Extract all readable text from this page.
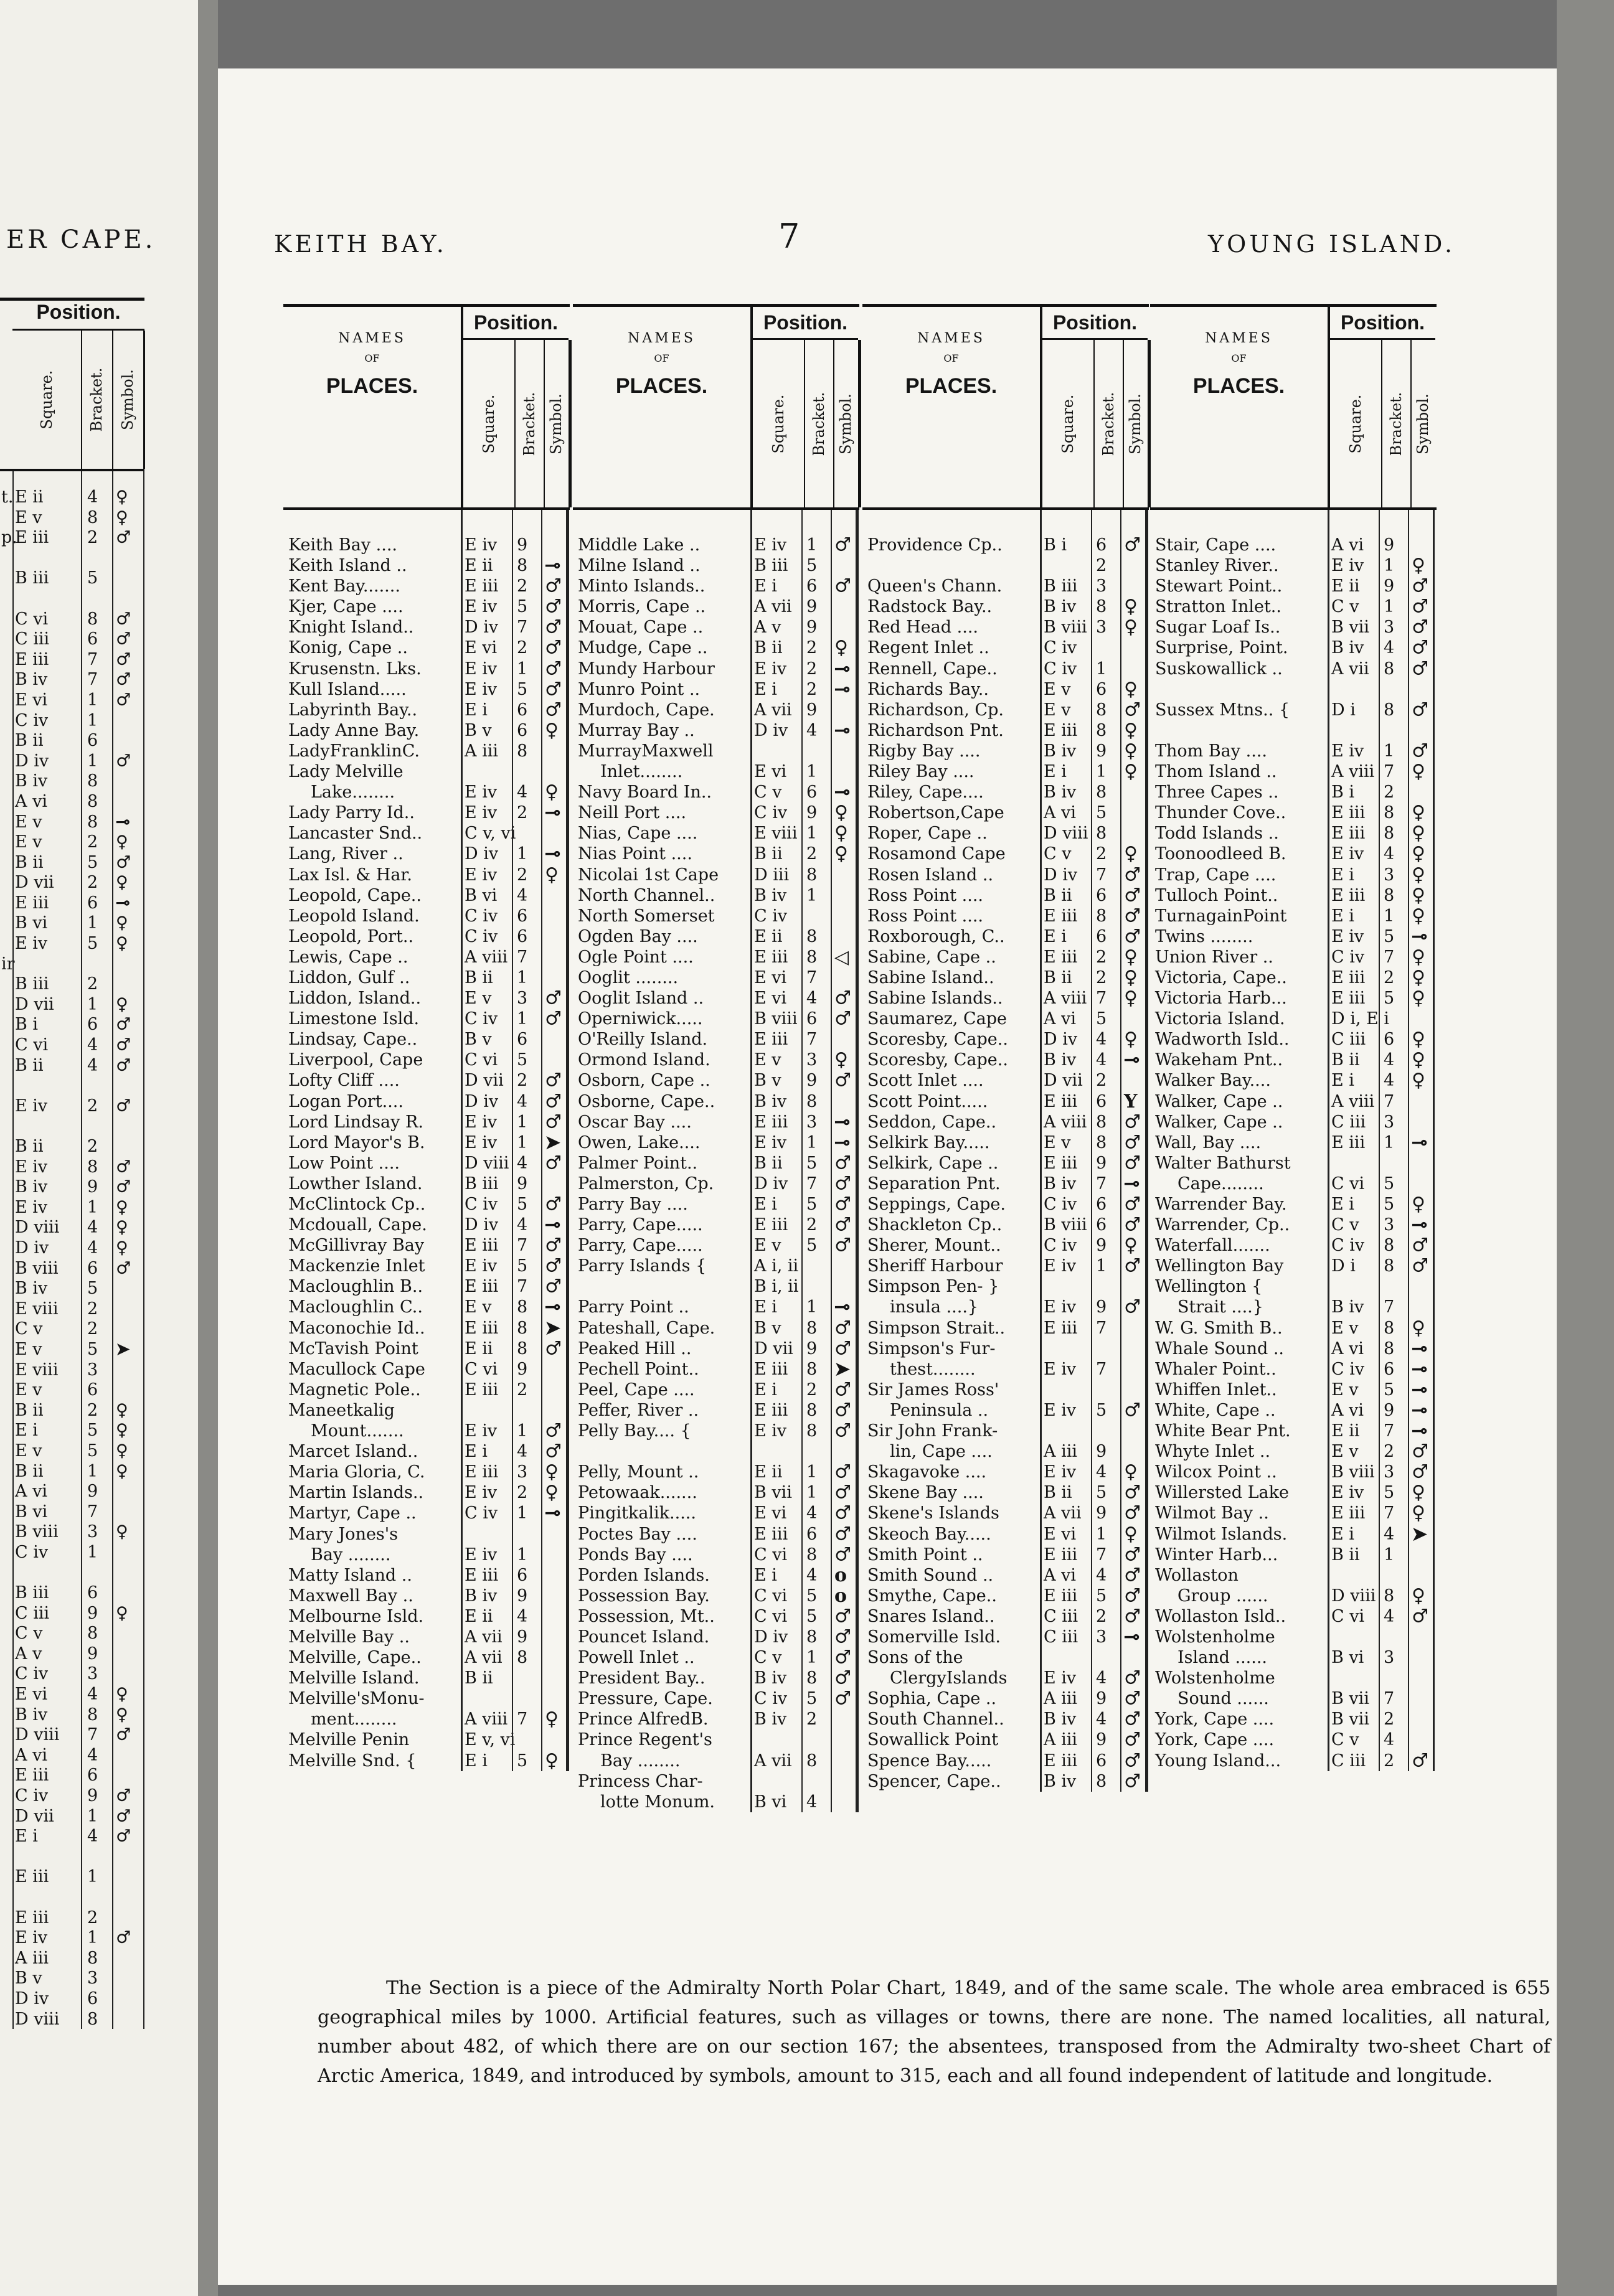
ER CAPE.
Position.
Square. Bracket. Symbol.
t. E ii	4	♀
E v	8	♀
p.
E iii	2	♂
B iii	5
C vi	8	♂
C iii	6	♂
E iii	7	♂
B iv	7	♂
E vi	1	♂
C iv	1
B ii	6
D iv	1	♂
B iv	8
A vi	8
E v	8	⊸
E v	2	♀
B ii	5	♂
D vii	2	♀
E iii	6	⊸
B vi	1	♀
E iv	5	♀
ir
B iii	2
D vii	1	♀
B i	6	♂
C vi	4	♂
B ii	4	♂
E iv	2	♂
B ii	2
E iv	8	♂
B iv	9	♂
E iv	1	♀
D viii	4	♀
D iv	4	♀
B viii	6	♂
B iv	5
E viii	2
C v	2
E v	5	➤
E viii	3
E v	6
B ii	2	♀
E i	5	♀
E v	5	♀
B ii	1	♀
A vi	9
B vi	7
B viii	3	♀
C iv	1
B iii	6
C iii	9	♀
C v	8
A v	9
C iv	3
E vi	4	♀
B iv	8	♀
D viii	7	♂
A vi	4
E iii	6
C iv	9	♂
D vii	1	♂
E i	4	♂
E iii	1
E iii	2
E iv	1	♂
A iii	8
B v	3
D iv	6
D viii	8
KEITH BAY.	7	YOUNG ISLAND.
NAMES
OF
PLACES.
Position.
Square. Bracket. Symbol.
Keith Bay ....	E iv	9
Keith Island ..	E ii	8 ⊸
Kent Bay.......	E iii	2 ♂
Kjer, Cape ....	E iv	5 ♂
Knight Island..	D iv	7 ♂
Konig, Cape ..	E vi	2 ♂
Krusenstn. Lks.	E iv	1 ♂
Kull Island.....	E iv	5 ♂
Labyrinth Bay..	E i	6 ♂
Lady Anne Bay.	B v	6 ♀
LadyFranklinC.	A iii	8
Lady Melville
Lake........	E iv	4 ♀
Lady Parry Id..	E iv	2 ⊸
Lancaster Snd..	C v, vi
Lang, River ..	D iv	1 ⊸
Lax Isl. & Har.	E iv	2 ♀
Leopold, Cape..	B vi	4
Leopold Island.	C iv	6
Leopold, Port..	C iv	6
Lewis, Cape ..	A viii 7
Liddon, Gulf ..	B ii	1
Liddon, Island..	E v	3 ♂
Limestone Isld.	C iv	1 ♂
Lindsay, Cape..	B v	6
Liverpool, Cape	C vi	5
Lofty Cliff ....	D vii 2 ♂
Logan Port....	D iv	4 ♂
Lord Lindsay R.	E iv	1 ♂
Lord Mayor's B.	E iv	1 ➤
Low Point ....	D viii 4 ♂
Lowther Island.	B iii	9
McClintock Cp..	C iv	5 ♂
Mcdouall, Cape.	D iv	4 ⊸
McGillivray Bay	E iii	7 ♂
Mackenzie Inlet	E iv	5 ♂
Macloughlin B..	E iii	7 ♂
Macloughlin C..	E v	8 ⊸
Maconochie Id..	E iii	8 ➤
McTavish Point	E ii	8 ♂
Macullock Cape	C vi	9
Magnetic Pole..	E iii	2
Maneetkalig
Mount.......	E iv	1 ♂
Marcet Island..	E i	4 ♂
Maria Gloria, C.	E iii	3 ♀
Martin Islands..	E iv	2 ♀
Martyr, Cape ..	C iv	1 ⊸
Mary Jones's
Bay ........	E iv	1
Matty Island ..	E iii	6
Maxwell Bay ..	B iv	9
Melbourne Isld.	E ii	4
Melville Bay ..	A vii 9
Melville, Cape..	A vii 8
Melville Island.	B ii
Melville'sMonu-
ment........	A viii 7 ♀
Melville Penin	E v, vi
Melville Snd. {	E i	5 ♀
NAMES
OF
PLACES.
Position.
Square. Bracket. Symbol.
Middle Lake ..	E iv	1 ♂
Milne Island ..	B iii	5
Minto Islands..	E i	6 ♂
Morris, Cape ..	A vii 9
Mouat, Cape ..	A v	9
Mudge, Cape ..	B ii	2 ♀
Mundy Harbour	E iv	2 ⊸
Munro Point ..	E i	2 ⊸
Murdoch, Cape.	A vii 9
Murray Bay ..	D iv	4 ⊸
MurrayMaxwell
Inlet........	E vi	1
Navy Board In..	C v	6 ⊸
Neill Port ....	C iv	9 ♀
Nias, Cape ....	E viii 1 ♀
Nias Point ....	B ii	2 ♀
Nicolai 1st Cape	D iii	8
North Channel..	B iv	1
North Somerset	C iv
Ogden Bay ....	E ii	8
Ogle Point ....	E iii	8 ◁
Ooglit ........	E vi	7
Ooglit Island ..	E vi	4 ♂
Operniwick.....	B viii 6 ♂
O'Reilly Island.	E iii	7
Ormond Island.	E v	3 ♀
Osborn, Cape ..	B v	9 ♂
Osborne, Cape..	B iv	8
Oscar Bay ....	E iii	3 ⊸
Owen, Lake....	E iv	1 ⊸
Palmer Point..	B ii	5 ♂
Palmerston, Cp.	D iv	7 ♂
Parry Bay ....	E i	5 ♂
Parry, Cape.....	E iii	2 ♂
Parry, Cape.....	E v	5 ♂
Parry Islands {	A i, ii
B i, ii
Parry Point ..	E i	1 ⊸
Pateshall, Cape.	B v	8 ♂
Peaked Hill ..	D vii 9 ♂
Pechell Point..	E iii	8 ➤
Peel, Cape ....	E i	2 ♂
Peffer, River ..	E iii	8 ♂
Pelly Bay.... {	E iv	8 ♂
Pelly, Mount ..	E ii	1 ♂
Petowaak.......	B vii 1 ♂
Pingitkalik.....	E vi	4 ♂
Poctes Bay ....	E iii	6 ♂
Ponds Bay ....	C vi	8 ♂
Porden Islands.	E i	4 o
Possession Bay.	C vi	5 o
Possession, Mt..	C vi	5 ♂
Pouncet Island.	D iv	8 ♂
Powell Inlet ..	C v	1 ♂
President Bay..	B iv	8 ♂
Pressure, Cape.	C iv	5 ♂
Prince AlfredB.	B iv	2
Prince Regent's
Bay ........	A vii 8
Princess Char-
lotte Monum.	B vi	4
NAMES
OF
PLACES.
Position.
Square. Bracket. Symbol.
Providence Cp..	B i	6 ♂
2
Queen's Chann.	B iii	3
Radstock Bay..	B iv	8 ♀
Red Head ....	B viii 3 ♀
Regent Inlet ..	C iv
Rennell, Cape..	C iv	1
Richards Bay..	E v	6 ♀
Richardson, Cp.	E v	8 ♂
Richardson Pnt.	E iii	8 ♀
Rigby Bay ....	B iv	9 ♀
Riley Bay ....	E i	1 ♀
Riley, Cape....	B iv	8
Robertson,Cape	A vi	5
Roper, Cape ..	D viii 8
Rosamond Cape	C v	2 ♀
Rosen Island ..	D iv	7 ♂
Ross Point ....	B ii	6 ♂
Ross Point ....	E iii	8 ♂
Roxborough, C..	E i	6 ♂
Sabine, Cape ..	E iii	2 ♀
Sabine Island..	B ii	2 ♀
Sabine Islands..	A viii 7 ♀
Saumarez, Cape	A vi	5
Scoresby, Cape..	D iv	4 ♀
Scoresby, Cape..	B iv	4 ⊸
Scott Inlet ....	D vii 2
Scott Point.....	E iii	6 Y
Seddon, Cape..	A viii 8 ♂
Selkirk Bay.....	E v	8 ♂
Selkirk, Cape ..	E iii	9 ♂
Separation Pnt.	B iv	7 ⊸
Seppings, Cape.	C iv	6 ♂
Shackleton Cp..	B viii 6 ♂
Sherer, Mount..	C iv	9 ♀
Sheriff Harbour	E iv	1 ♂
Simpson Pen- }
insula ....}	E iv	9 ♂
Simpson Strait..	E iii	7
Simpson's Fur-
thest........	E iv	7
Sir James Ross'
Peninsula ..	E iv	5 ♂
Sir John Frank-
lin, Cape ....	A iii	9
Skagavoke ....	E iv	4 ♀
Skene Bay ....	B ii	5 ♂
Skene's Islands	A vii 9 ♂
Skeoch Bay.....	E vi	1 ♀
Smith Point ..	E iii	7 ♂
Smith Sound ..	A vi	4 ♂
Smythe, Cape..	E iii	5 ♂
Snares Island..	C iii	2 ♂
Somerville Isld.	C iii	3 ⊸
Sons of the
ClergyIslands	E iv	4 ♂
Sophia, Cape ..	A iii	9 ♂
South Channel..	B iv	4 ♂
Sowallick Point	A iii	9 ♂
Spence Bay.....	E iii	6 ♂
Spencer, Cape..	B iv	8 ♂
NAMES
OF
PLACES.
Position.
Square. Bracket. Symbol.
Stair, Cape ....	A vi	9
Stanley River..	E iv	1 ♀
Stewart Point..	E ii	9 ♂
Stratton Inlet..	C v	1 ♂
Sugar Loaf Is..	B vii 3 ♂
Surprise, Point.	B iv	4 ♂
Suskowallick ..	A vii 8 ♂
Sussex Mtns.. {	D i	8 ♂
Thom Bay ....	E iv	1 ♂
Thom Island ..	A viii 7 ♀
Three Capes ..	B i	2
Thunder Cove..	E iii	8 ♀
Todd Islands ..	E iii	8 ♀
Toonoodleed B.	E iv	4 ♀
Trap, Cape ....	E i	3 ♀
Tulloch Point..	E iii	8 ♀
TurnagainPoint	E i	1 ♀
Twins ........	E iv	5 ⊸
Union River ..	C iv	7 ♀
Victoria, Cape..	E iii	2 ♀
Victoria Harb...	E iii	5 ♀
Victoria Island.	D i, E i
Wadworth Isld..	C iii	6 ♀
Wakeham Pnt..	B ii	4 ♀
Walker Bay....	E i	4 ♀
Walker, Cape ..	A viii 7
Walker, Cape ..	C iii	3
Wall, Bay ....	E iii	1 ⊸
Walter Bathurst
Cape........	C vi	5
Warrender Bay.	E i	5 ♀
Warrender, Cp..	C v	3 ⊸
Waterfall.......	C iv	8 ♂
Wellington Bay	D i	8 ♂
Wellington {
Strait ....}	B iv	7
W. G. Smith B..	E v	8 ♀
Whale Sound ..	A vi	8 ⊸
Whaler Point..	C iv	6 ⊸
Whiffen Inlet..	E v	5 ⊸
White, Cape ..	A vi	9 ⊸
White Bear Pnt.	E ii	7 ⊸
Whyte Inlet ..	E v	2 ♂
Wilcox Point ..	B viii 3 ♂
Willersted Lake	E iv	5 ♀
Wilmot Bay ..	E iii	7 ♀
Wilmot Islands.	E i	4 ➤
Winter Harb...	B ii	1
Wollaston
Group ......	D viii 8 ♀
Wollaston Isld..	C vi	4 ♂
Wolstenholme
Island ......	B vi	3
Wolstenholme
Sound ......	B vii 7
York, Cape ....	B vii 2
York, Cape ....	C v	4
Young Island...	C iii	2 ♂
The Section is a piece of the Admiralty North Polar Chart, 1849, and of the same scale. The whole area embraced is 655 geographical miles by 1000. Artificial features, such as villages or towns, there are none. The named localities, all natural, number about 482, of which there are on our section 167; the absentees, transposed from the Admiralty two-sheet Chart of Arctic America, 1849, and introduced by symbols, amount to 315, each and all found independent of latitude and longitude.
